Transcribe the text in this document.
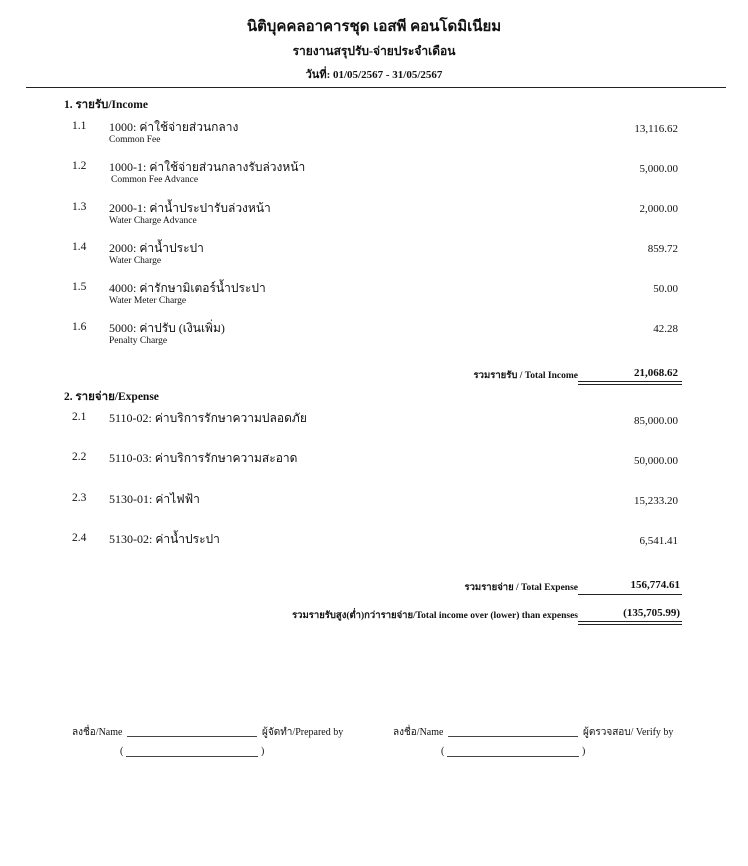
นิติบุคคลอาคารชุด เอสพี คอนโดมิเนียม
รายงานสรุปรับ-จ่ายประจำเดือน
วันที่: 01/05/2567 - 31/05/2567
1. รายรับ/Income
1.1 1000: ค่าใช้จ่ายส่วนกลาง
Common Fee
13,116.62
1.2 1000-1: ค่าใช้จ่ายส่วนกลางรับล่วงหน้า
Common Fee Advance
5,000.00
1.3 2000-1: ค่าน้ำประปารับล่วงหน้า
Water Charge Advance
2,000.00
1.4 2000: ค่าน้ำประปา
Water Charge
859.72
1.5 4000: ค่ารักษามิเตอร์น้ำประปา
Water Meter Charge
50.00
1.6 5000: ค่าปรับ (เงินเพิ่ม)
Penalty Charge
42.28
รวมรายรับ / Total Income	21,068.62
2. รายจ่าย/Expense
2.1 5110-02: ค่าบริการรักษาความปลอดภัย	85,000.00
2.2 5110-03: ค่าบริการรักษาความสะอาด	50,000.00
2.3 5130-01: ค่าไฟฟ้า	15,233.20
2.4 5130-02: ค่าน้ำประปา	6,541.41
รวมรายจ่าย / Total Expense	156,774.61
รวมรายรับสูง(ต่ำ)กว่ารายจ่าย/Total income over (lower) than expenses	(135,705.99)
ลงชื่อ/Name	ผู้จัดทำ/Prepared by
(	)
ลงชื่อ/Name	ผู้ตรวจสอบ/ Verify by
(	)
